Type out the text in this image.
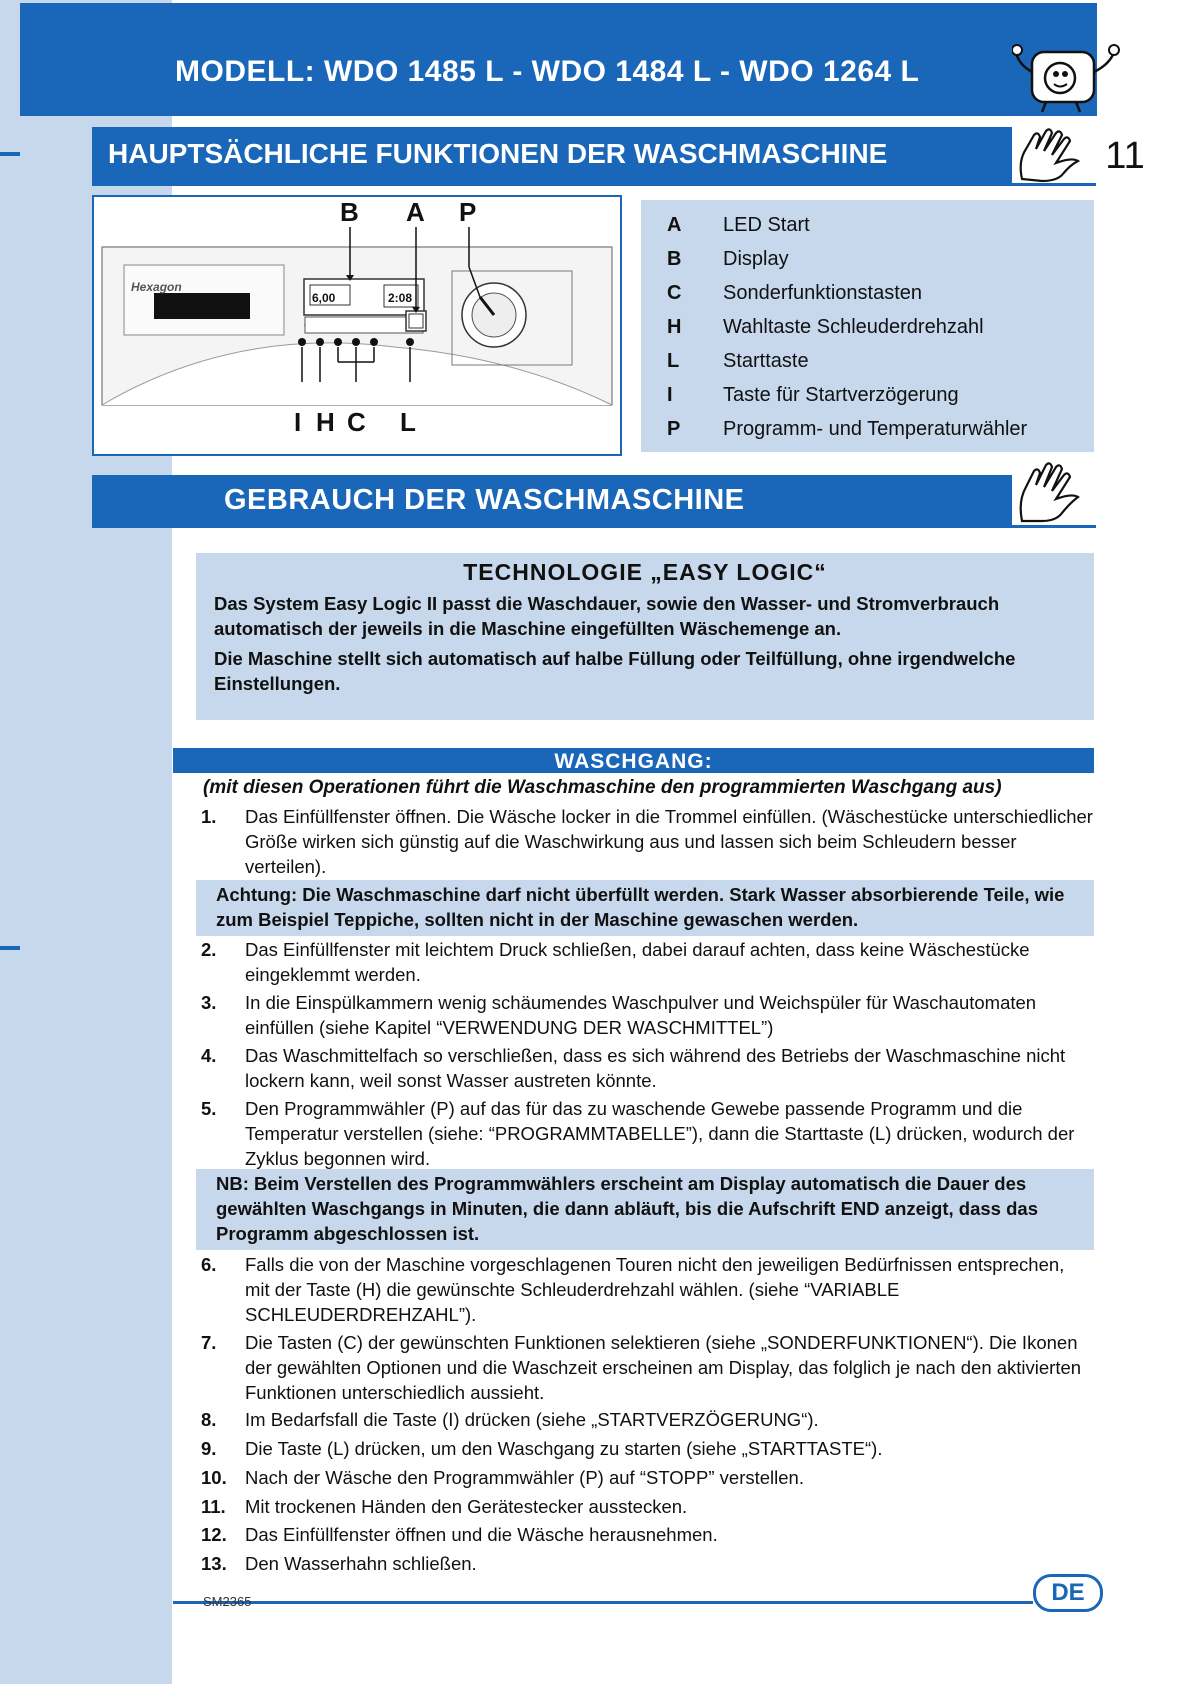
MODELL: WDO 1485 L - WDO 1484 L - WDO 1264 L
HAUPTSÄCHLICHE FUNKTIONEN DER WASCHMASCHINE	11
Hexagon
6,00	2:08
B A P
I H C L
A LED Start
B Display
C Sonderfunktionstasten
H Wahltaste Schleuderdrehzahl
L Starttaste
I	Taste für Startverzögerung
P Programm- und Temperaturwähler
GEBRAUCH DER WASCHMASCHINE
TECHNOLOGIE „EASY LOGIC“
Das System Easy Logic II passt die Waschdauer, sowie den Wasser- und Stromverbrauch automatisch der jeweils in die Maschine eingefüllten Wäschemenge an.
Die Maschine stellt sich automatisch auf halbe Füllung oder Teilfüllung, ohne irgendwelche Einstellungen.
WASCHGANG:
(mit diesen Operationen führt die Waschmaschine den programmierten Waschgang aus)
1. Das Einfüllfenster öffnen. Die Wäsche locker in die Trommel einfüllen. (Wäschestücke unterschiedlicher Größe wirken sich günstig auf die Waschwirkung aus und lassen sich beim Schleudern besser verteilen).
Achtung: Die Waschmaschine darf nicht überfüllt werden. Stark Wasser absorbierende Teile, wie zum Beispiel Teppiche, sollten nicht in der Maschine gewaschen werden.
2. Das Einfüllfenster mit leichtem Druck schließen, dabei darauf achten, dass keine Wäschestücke eingeklemmt werden.
3. In die Einspülkammern wenig schäumendes Waschpulver und Weichspüler für Waschautomaten einfüllen (siehe Kapitel “VERWENDUNG DER WASCHMITTEL”)
4. Das Waschmittelfach so verschließen, dass es sich während des Betriebs der Waschmaschine nicht lockern kann, weil sonst Wasser austreten könnte.
5. Den Programmwähler (P) auf das für das zu waschende Gewebe passende Programm und die Temperatur verstellen (siehe: “PROGRAMMTABELLE”), dann die Starttaste (L) drücken, wodurch der Zyklus begonnen wird.
NB: Beim Verstellen des Programmwählers erscheint am Display automatisch die Dauer des gewählten Waschgangs in Minuten, die dann abläuft, bis die Aufschrift END anzeigt, dass das Programm abgeschlossen ist.
6. Falls die von der Maschine vorgeschlagenen Touren nicht den jeweiligen Bedürfnissen entsprechen, mit der Taste (H) die gewünschte Schleuderdrehzahl wählen. (siehe “VARIABLE SCHLEUDERDREHZAHL”).
7. Die Tasten (C) der gewünschten Funktionen selektieren (siehe „SONDERFUNKTIONEN“). Die Ikonen der gewählten Optionen und die Waschzeit erscheinen am Display, das folglich je nach den aktivierten Funktionen unterschiedlich aussieht.
8. Im Bedarfsfall die Taste (I) drücken (siehe „STARTVERZÖGERUNG“).
9. Die Taste (L) drücken, um den Waschgang zu starten (siehe „STARTTASTE“).
10. Nach der Wäsche den Programmwähler (P) auf “STOPP” verstellen.
11. Mit trockenen Händen den Gerätestecker ausstecken.
12. Das Einfüllfenster öffnen und die Wäsche herausnehmen.
13. Den Wasserhahn schließen.
DE
SM2365
